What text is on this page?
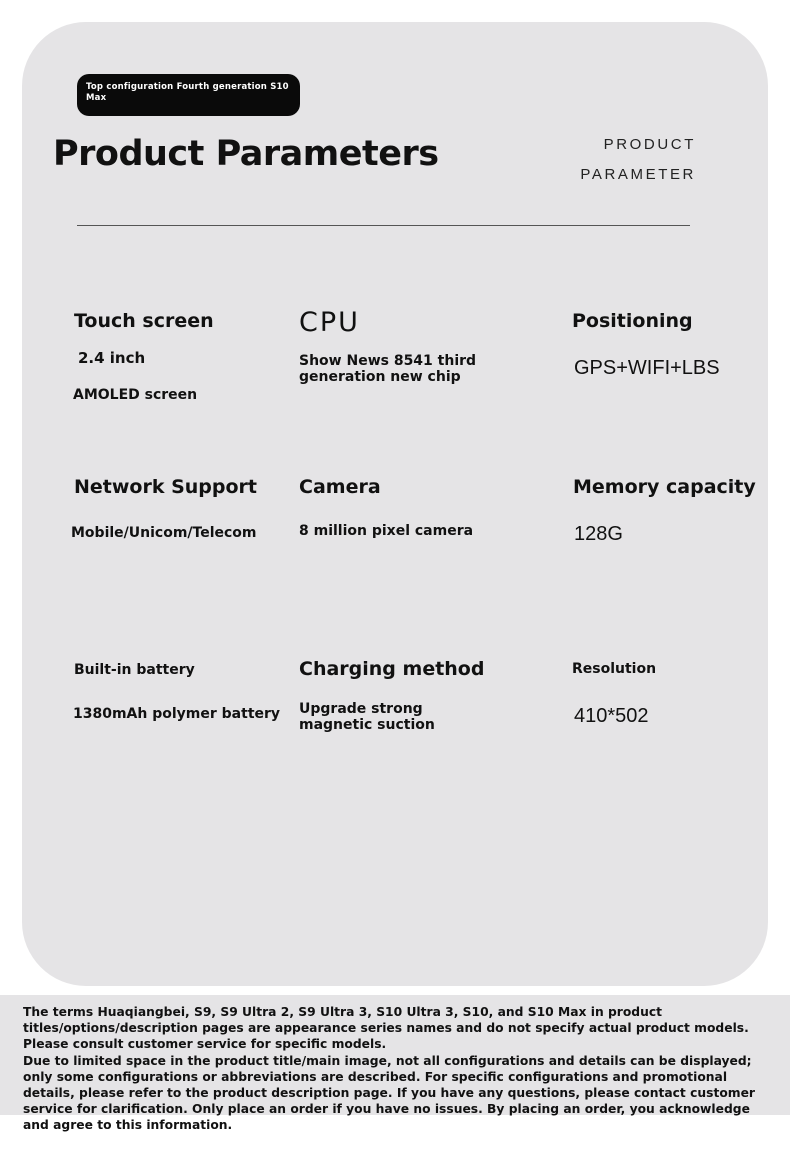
Top configuration Fourth generation S10 Max
Product Parameters	PRODUCT
PARAMETER
Touch screen
2.4 inch
AMOLED screen
CPU
Show News 8541 third generation new chip
Positioning
GPS+WIFI+LBS
Network Support
Mobile/Unicom/Telecom
Camera
8 million pixel camera
Memory capacity
128G
Built-in battery
1380mAh polymer battery
Charging method
Upgrade strong magnetic suction
Resolution
410*502

The terms Huaqiangbei, S9, S9 Ultra 2, S9 Ultra 3, S10 Ultra 3, S10, and S10 Max in product titles/options/description pages are appearance series names and do not specify actual product models. Please consult customer service for specific models.

Due to limited space in the product title/main image, not all configurations and details can be displayed; only some configurations or abbreviations are described. For specific configurations and promotional details, please refer to the product description page. If you have any questions, please contact customer service for clarification. Only place an order if you have no issues. By placing an order, you acknowledge and agree to this information.
